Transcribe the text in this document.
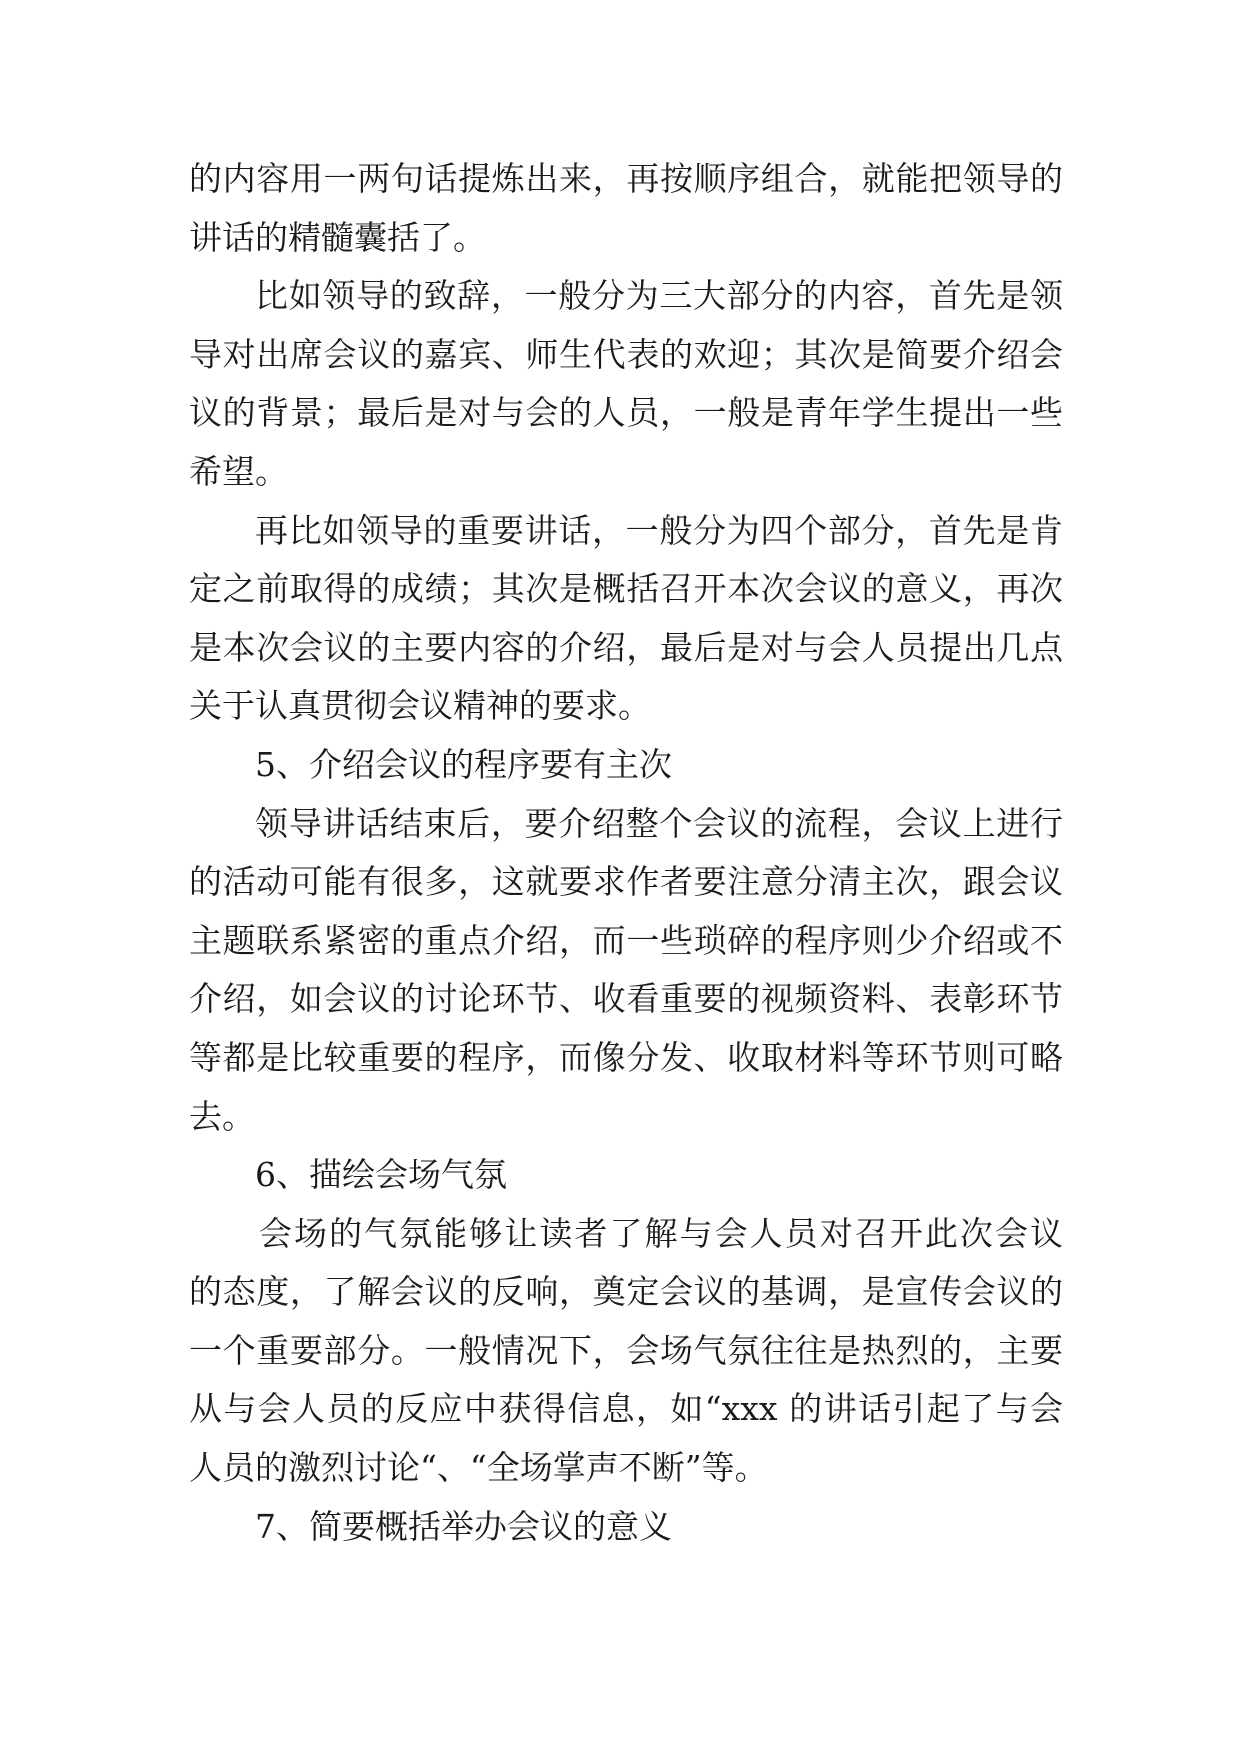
的内容用一两句话提炼出来，再按顺序组合，就能把领导的
讲话的精髓囊括了。
比如领导的致辞，一般分为三大部分的内容，首先是领
导对出席会议的嘉宾、师生代表的欢迎；其次是简要介绍会
议的背景；最后是对与会的人员，一般是青年学生提出一些
希望。
再比如领导的重要讲话，一般分为四个部分，首先是肯
定之前取得的成绩；其次是概括召开本次会议的意义，再次
是本次会议的主要内容的介绍，最后是对与会人员提出几点
关于认真贯彻会议精神的要求。
5、介绍会议的程序要有主次
领导讲话结束后，要介绍整个会议的流程，会议上进行
的活动可能有很多，这就要求作者要注意分清主次，跟会议
主题联系紧密的重点介绍，而一些琐碎的程序则少介绍或不
介绍，如会议的讨论环节、收看重要的视频资料、表彰环节
等都是比较重要的程序，而像分发、收取材料等环节则可略
去。
6、描绘会场气氛
会场的气氛能够让读者了解与会人员对召开此次会议
的态度，了解会议的反响，奠定会议的基调，是宣传会议的
一个重要部分。一般情况下，会场气氛往往是热烈的，主要
从与会人员的反应中获得信息，如“xxx 的讲话引起了与会
人员的激烈讨论“、“全场掌声不断”等。
7、简要概括举办会议的意义
